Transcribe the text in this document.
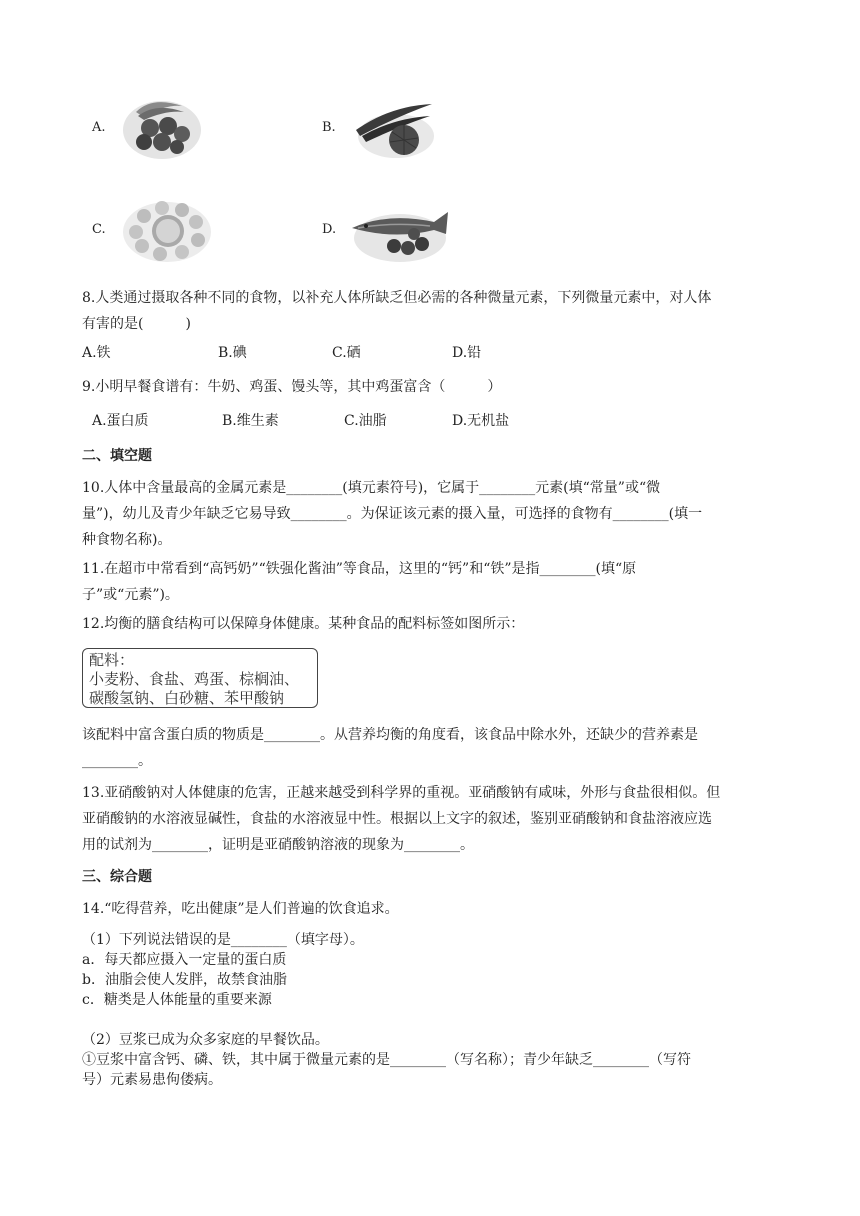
A.	B.
C.	D.
8.人类通过摄取各种不同的食物，以补充人体所缺乏但必需的各种微量元素，下列微量元素中，对人体
有害的是(　　　)
A.铁	B.碘	C.硒	D.铅
9.小明早餐食谱有：牛奶、鸡蛋、馒头等，其中鸡蛋富含（　　　）
A.蛋白质	B.维生素	C.油脂	D.无机盐
二、填空题
10.人体中含量最高的金属元素是________(填元素符号)，它属于________元素(填“常量”或“微
量”)，幼儿及青少年缺乏它易导致________。为保证该元素的摄入量，可选择的食物有________(填一
种食物名称)。
11.在超市中常看到“高钙奶”“铁强化酱油”等食品，这里的“钙”和“铁”是指________(填“原
子”或“元素”)。
12.均衡的膳食结构可以保障身体健康。某种食品的配料标签如图所示：
配料：
小麦粉、食盐、鸡蛋、棕榈油、
碳酸氢钠、白砂糖、苯甲酸钠
该配料中富含蛋白质的物质是________。从营养均衡的角度看，该食品中除水外，还缺少的营养素是
________。
13.亚硝酸钠对人体健康的危害，正越来越受到科学界的重视。亚硝酸钠有咸味，外形与食盐很相似。但
亚硝酸钠的水溶液显碱性，食盐的水溶液显中性。根据以上文字的叙述，鉴别亚硝酸钠和食盐溶液应选
用的试剂为________，证明是亚硝酸钠溶液的现象为________。
三、综合题
14.“吃得营养，吃出健康”是人们普遍的饮食追求。
（1）下列说法错误的是________（填字母）。
a．每天都应摄入一定量的蛋白质
b．油脂会使人发胖，故禁食油脂
c．糖类是人体能量的重要来源
（2）豆浆已成为众多家庭的早餐饮品。
①豆浆中富含钙、磷、铁，其中属于微量元素的是________（写名称）；青少年缺乏________（写符
号）元素易患佝偻病。
